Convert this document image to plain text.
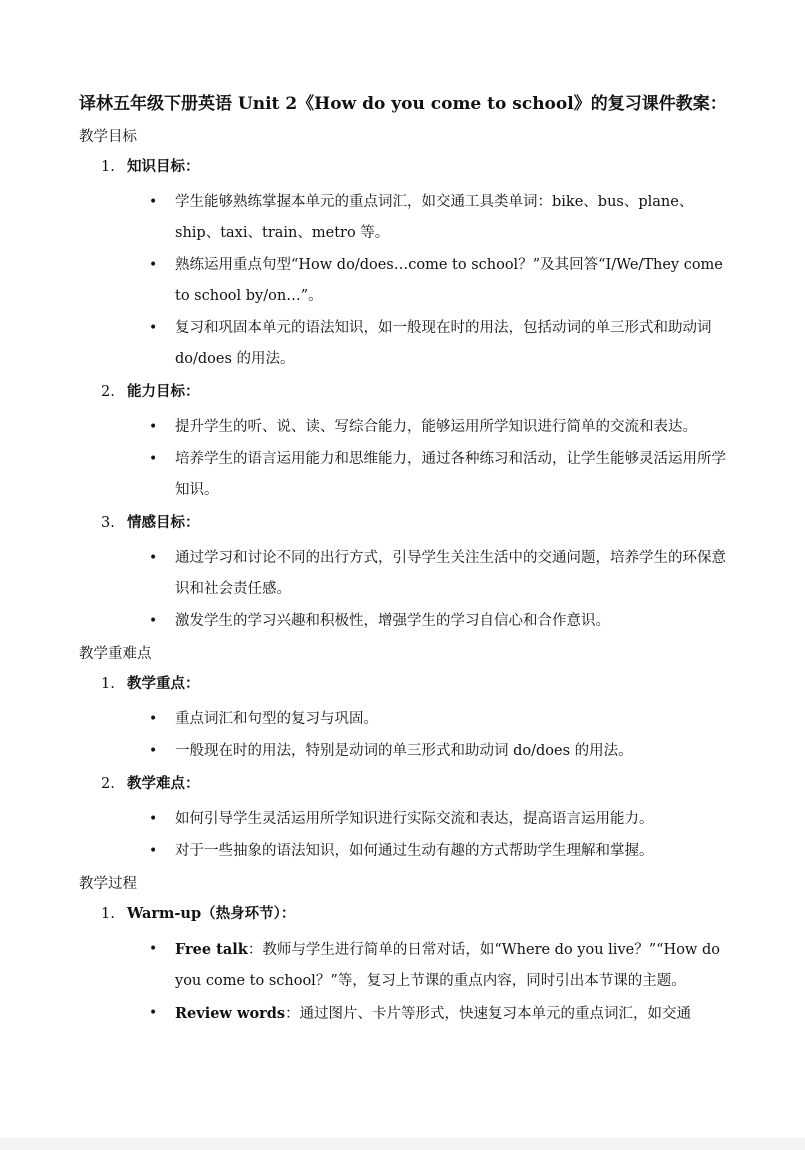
译林五年级下册英语 Unit 2《How do you come to school》的复习课件教案：
教学目标
1. 知识目标：
• 学生能够熟练掌握本单元的重点词汇，如交通工具类单词：bike、bus、plane、ship、taxi、train、metro 等。
• 熟练运用重点句型“How do/does…come to school？”及其回答“I/We/They come to school by/on…”。
• 复习和巩固本单元的语法知识，如一般现在时的用法，包括动词的单三形式和助动词 do/does 的用法。
2. 能力目标：
• 提升学生的听、说、读、写综合能力，能够运用所学知识进行简单的交流和表达。
• 培养学生的语言运用能力和思维能力，通过各种练习和活动，让学生能够灵活运用所学知识。
3. 情感目标：
• 通过学习和讨论不同的出行方式，引导学生关注生活中的交通问题，培养学生的环保意识和社会责任感。
• 激发学生的学习兴趣和积极性，增强学生的学习自信心和合作意识。
教学重难点
1. 教学重点：
• 重点词汇和句型的复习与巩固。
• 一般现在时的用法，特别是动词的单三形式和助动词 do/does 的用法。
2. 教学难点：
• 如何引导学生灵活运用所学知识进行实际交流和表达，提高语言运用能力。
• 对于一些抽象的语法知识，如何通过生动有趣的方式帮助学生理解和掌握。
教学过程
1. Warm-up（热身环节）：
• Free talk：教师与学生进行简单的日常对话，如“Where do you live？”“How do you come to school？”等，复习上节课的重点内容，同时引出本节课的主题。
• Review words：通过图片、卡片等形式，快速复习本单元的重点词汇，如交通
